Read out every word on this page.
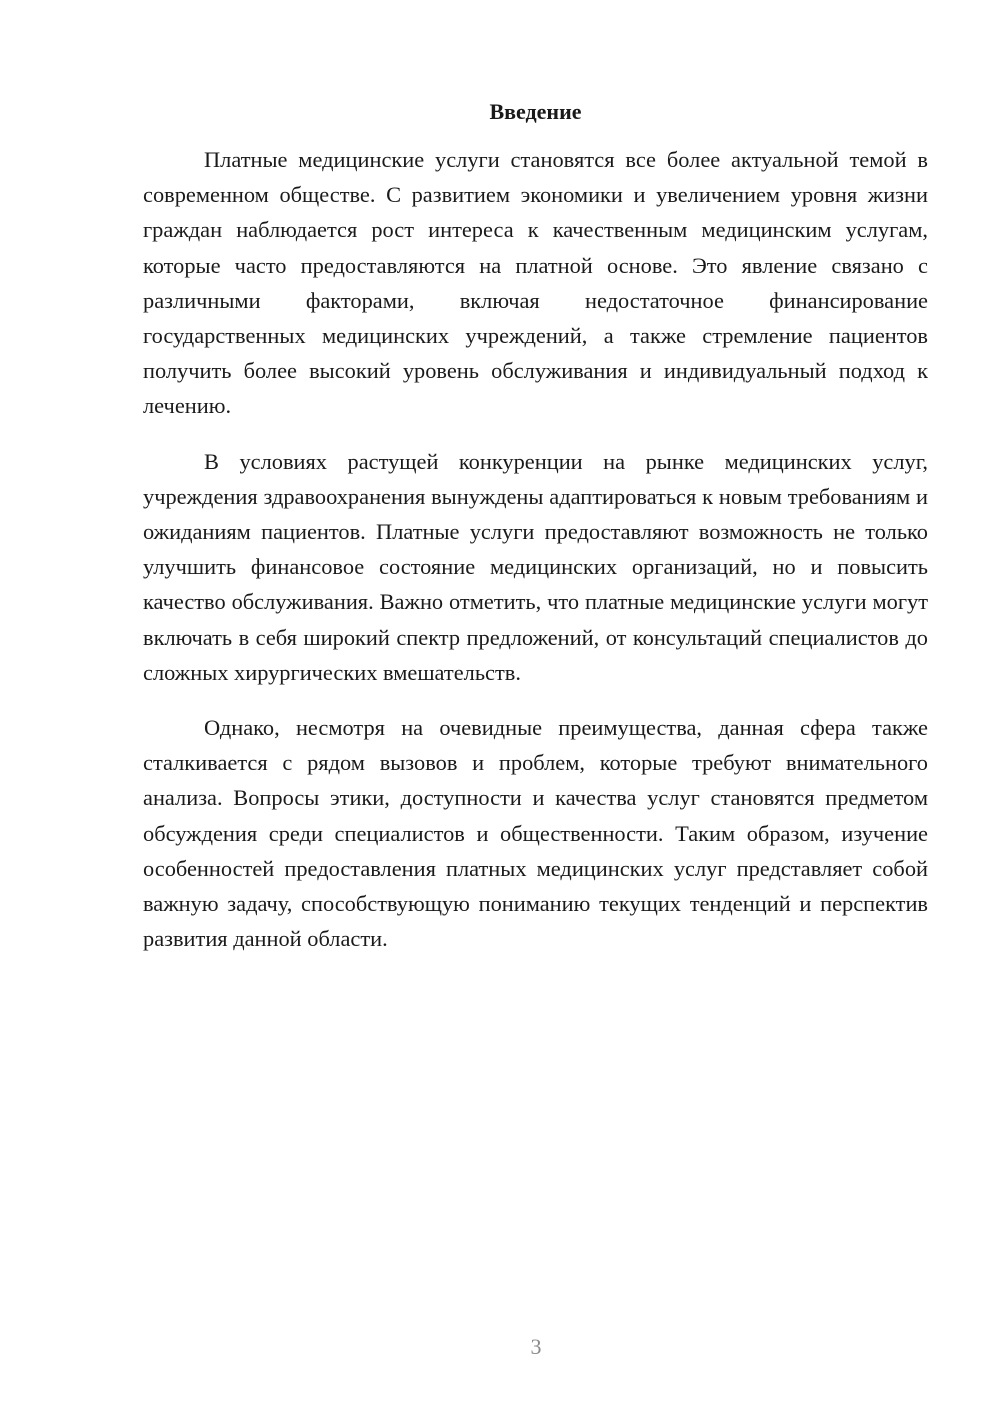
Введение

Платные медицинские услуги становятся все более актуальной темой в современном обществе. С развитием экономики и увеличением уровня жизни граждан наблюдается рост интереса к качественным медицинским услугам, которые часто предоставляются на платной основе. Это явление связано с различными факторами, включая недостаточное финансирование государственных медицинских учреждений, а также стремление пациентов получить более высокий уровень обслуживания и индивидуальный подход к лечению.

В условиях растущей конкуренции на рынке медицинских услуг, учреждения здравоохранения вынуждены адаптироваться к новым требованиям и ожиданиям пациентов. Платные услуги предоставляют возможность не только улучшить финансовое состояние медицинских организаций, но и повысить качество обслуживания. Важно отметить, что платные медицинские услуги могут включать в себя широкий спектр предложений, от консультаций специалистов до сложных хирургических вмешательств.

Однако, несмотря на очевидные преимущества, данная сфера также сталкивается с рядом вызовов и проблем, которые требуют внимательного анализа. Вопросы этики, доступности и качества услуг становятся предметом обсуждения среди специалистов и общественности. Таким образом, изучение особенностей предоставления платных медицинских услуг представляет собой важную задачу, способствующую пониманию текущих тенденций и перспектив развития данной области.

3
